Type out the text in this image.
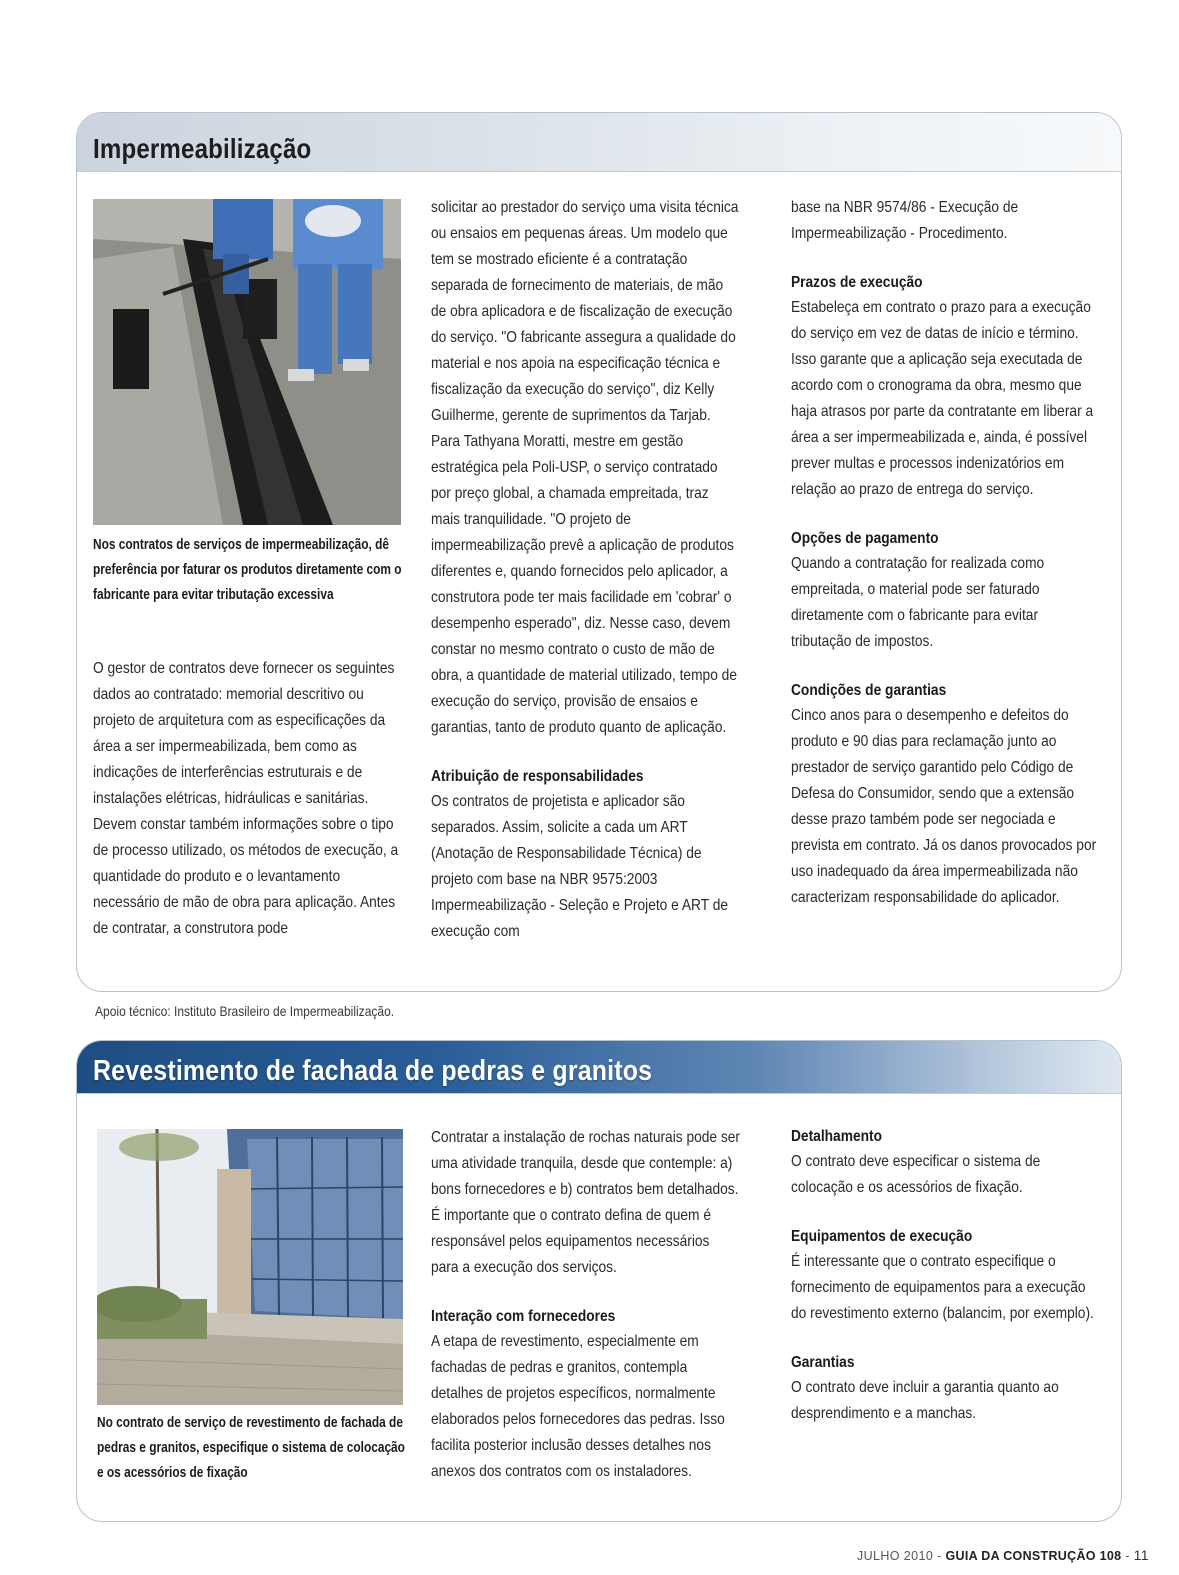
Impermeabilização

Nos contratos de serviços de impermeabilização, dê preferência por faturar os produtos diretamente com o fabricante para evitar tributação excessiva

O gestor de contratos deve fornecer os seguintes dados ao contratado: memorial descritivo ou projeto de arquitetura com as especificações da área a ser impermeabilizada, bem como as indicações de interferências estruturais e de instalações elétricas, hidráulicas e sanitárias. Devem constar também informações sobre o tipo de processo utilizado, os métodos de execução, a quantidade do produto e o levantamento necessário de mão de obra para aplicação. Antes de contratar, a construtora pode

solicitar ao prestador do serviço uma visita técnica ou ensaios em pequenas áreas. Um modelo que tem se mostrado eficiente é a contratação separada de fornecimento de materiais, de mão de obra aplicadora e de fiscalização de execução do serviço. "O fabricante assegura a qualidade do material e nos apoia na especificação técnica e fiscalização da execução do serviço", diz Kelly Guilherme, gerente de suprimentos da Tarjab. Para Tathyana Moratti, mestre em gestão estratégica pela Poli-USP, o serviço contratado por preço global, a chamada empreitada, traz mais tranquilidade. "O projeto de impermeabilização prevê a aplicação de produtos diferentes e, quando fornecidos pelo aplicador, a construtora pode ter mais facilidade em 'cobrar' o desempenho esperado", diz. Nesse caso, devem constar no mesmo contrato o custo de mão de obra, a quantidade de material utilizado, tempo de execução do serviço, provisão de ensaios e garantias, tanto de produto quanto de aplicação.

Atribuição de responsabilidades

Os contratos de projetista e aplicador são separados. Assim, solicite a cada um ART (Anotação de Responsabilidade Técnica) de projeto com base na NBR 9575:2003 Impermeabilização - Seleção e Projeto e ART de execução com

base na NBR 9574/86 - Execução de Impermeabilização - Procedimento.

Prazos de execução

Estabeleça em contrato o prazo para a execução do serviço em vez de datas de início e término. Isso garante que a aplicação seja executada de acordo com o cronograma da obra, mesmo que haja atrasos por parte da contratante em liberar a área a ser impermeabilizada e, ainda, é possível prever multas e processos indenizatórios em relação ao prazo de entrega do serviço.

Opções de pagamento

Quando a contratação for realizada como empreitada, o material pode ser faturado diretamente com o fabricante para evitar tributação de impostos.

Condições de garantias

Cinco anos para o desempenho e defeitos do produto e 90 dias para reclamação junto ao prestador de serviço garantido pelo Código de Defesa do Consumidor, sendo que a extensão desse prazo também pode ser negociada e prevista em contrato. Já os danos provocados por uso inadequado da área impermeabilizada não caracterizam responsabilidade do aplicador.

Apoio técnico: Instituto Brasileiro de Impermeabilização.

Revestimento de fachada de pedras e granitos

No contrato de serviço de revestimento de fachada de pedras e granitos, especifique o sistema de colocação e os acessórios de fixação

Contratar a instalação de rochas naturais pode ser uma atividade tranquila, desde que contemple: a) bons fornecedores e b) contratos bem detalhados. É importante que o contrato defina de quem é responsável pelos equipamentos necessários para a execução dos serviços.

Interação com fornecedores

A etapa de revestimento, especialmente em fachadas de pedras e granitos, contempla detalhes de projetos específicos, normalmente elaborados pelos fornecedores das pedras. Isso facilita posterior inclusão desses detalhes nos anexos dos contratos com os instaladores.

Detalhamento

O contrato deve especificar o sistema de colocação e os acessórios de fixação.

Equipamentos de execução

É interessante que o contrato especifique o fornecimento de equipamentos para a execução do revestimento externo (balancim, por exemplo).

Garantias

O contrato deve incluir a garantia quanto ao desprendimento e a manchas.

JULHO 2010 - GUIA DA CONSTRUÇÃO 108 - 11
